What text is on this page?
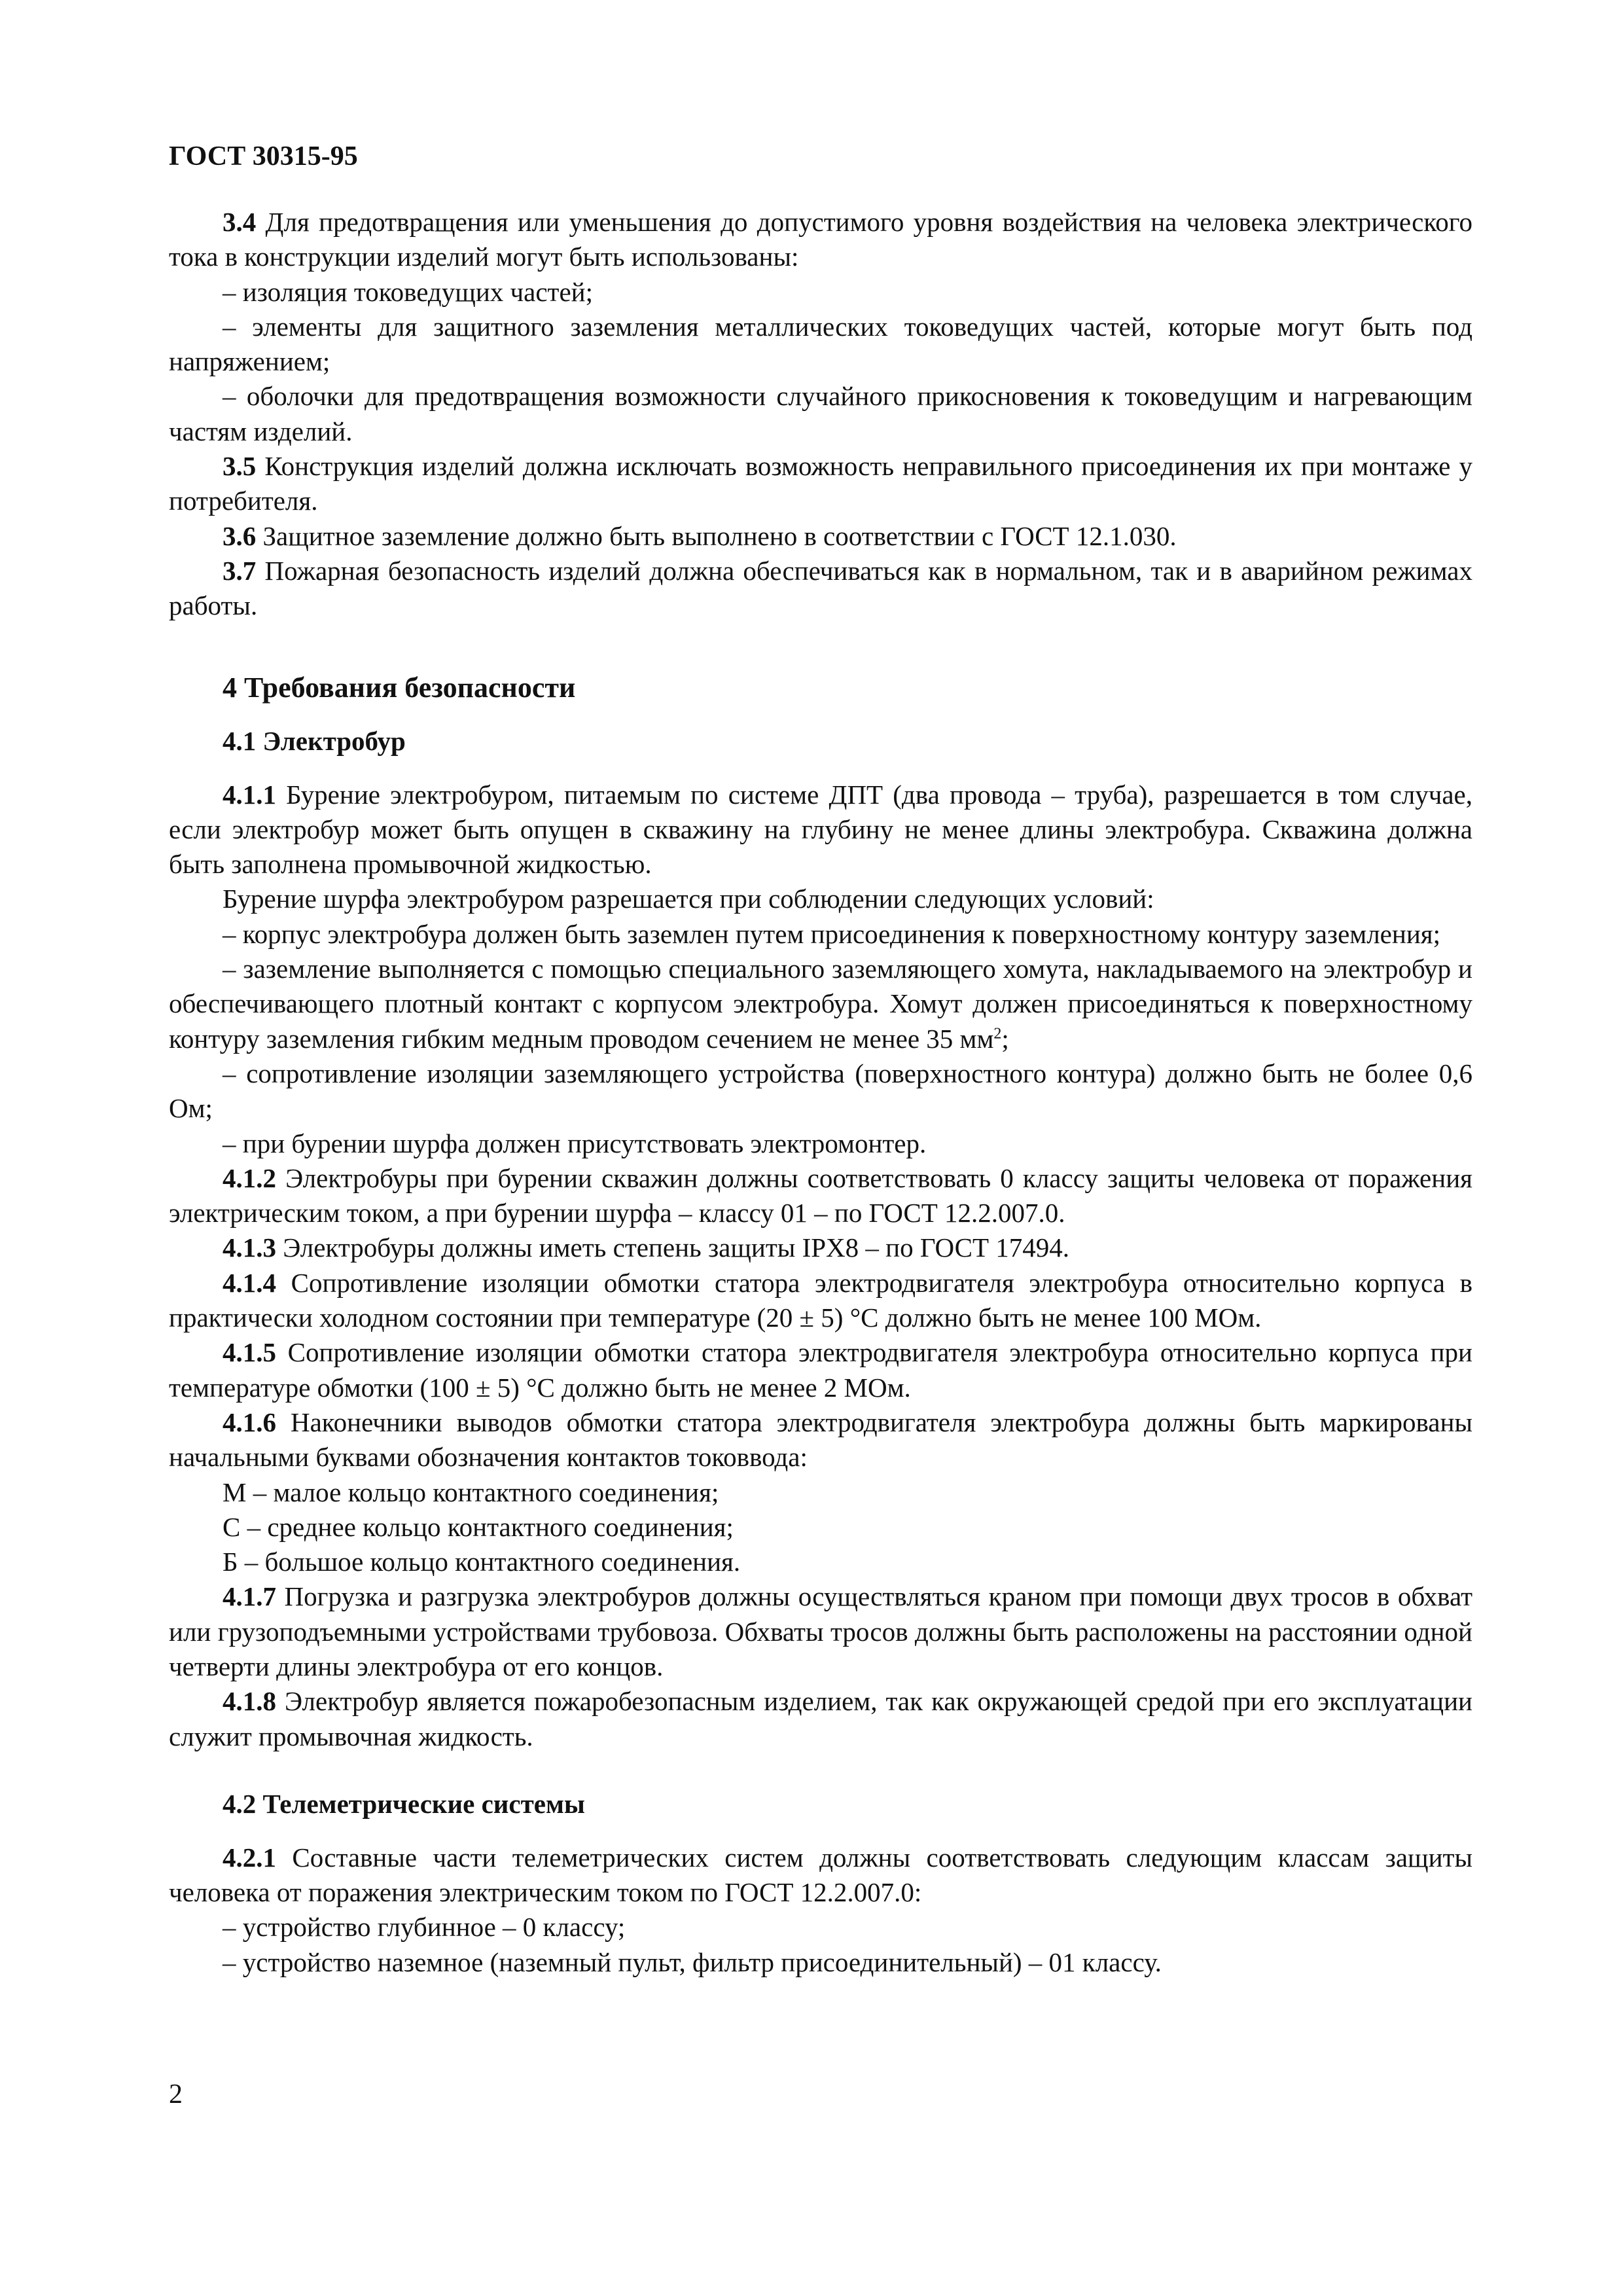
ГОСТ 30315-95

3.4 Для предотвращения или уменьшения до допустимого уровня воздействия на человека электрического тока в конструкции изделий могут быть использованы:

– изоляция токоведущих частей;

– элементы для защитного заземления металлических токоведущих частей, которые могут быть под напряжением;

– оболочки для предотвращения возможности случайного прикосновения к токоведущим и нагревающим частям изделий.

3.5 Конструкция изделий должна исключать возможность неправильного присоединения их при монтаже у потребителя.

3.6 Защитное заземление должно быть выполнено в соответствии с ГОСТ 12.1.030.

3.7 Пожарная безопасность изделий должна обеспечиваться как в нормальном, так и в аварийном режимах работы.

4 Требования безопасности
4.1 Электробур

4.1.1 Бурение электробуром, питаемым по системе ДПТ (два провода – труба), разрешается в том случае, если электробур может быть опущен в скважину на глубину не менее длины электробура. Скважина должна быть заполнена промывочной жидкостью.

Бурение шурфа электробуром разрешается при соблюдении следующих условий:

– корпус электробура должен быть заземлен путем присоединения к поверхностному контуру заземления;

– заземление выполняется с помощью специального заземляющего хомута, накладываемого на электробур и обеспечивающего плотный контакт с корпусом электробура. Хомут должен присоединяться к поверхностному контуру заземления гибким медным проводом сечением не менее 35 $мм^2$;

– сопротивление изоляции заземляющего устройства (поверхностного контура) должно быть не более 0,6 Ом;

– при бурении шурфа должен присутствовать электромонтер.

4.1.2 Электробуры при бурении скважин должны соответствовать 0 классу защиты человека от поражения электрическим током, а при бурении шурфа – классу 01 – по ГОСТ 12.2.007.0.

4.1.3 Электробуры должны иметь степень защиты IPX8 – по ГОСТ 17494.

4.1.4 Сопротивление изоляции обмотки статора электродвигателя электробура относительно корпуса в практически холодном состоянии при температуре (20 ± 5) °С должно быть не менее 100 МОм.

4.1.5 Сопротивление изоляции обмотки статора электродвигателя электробура относительно корпуса при температуре обмотки (100 ± 5) °С должно быть не менее 2 МОм.

4.1.6 Наконечники выводов обмотки статора электродвигателя электробура должны быть маркированы начальными буквами обозначения контактов токоввода:

М – малое кольцо контактного соединения;

С – среднее кольцо контактного соединения;

Б – большое кольцо контактного соединения.

4.1.7 Погрузка и разгрузка электробуров должны осуществляться краном при помощи двух тросов в обхват или грузоподъемными устройствами трубовоза. Обхваты тросов должны быть расположены на расстоянии одной четверти длины электробура от его концов.

4.1.8 Электробур является пожаробезопасным изделием, так как окружающей средой при его эксплуатации служит промывочная жидкость.

4.2 Телеметрические системы

4.2.1 Составные части телеметрических систем должны соответствовать следующим классам защиты человека от поражения электрическим током по ГОСТ 12.2.007.0:

– устройство глубинное – 0 классу;

– устройство наземное (наземный пульт, фильтр присоединительный) – 01 классу.

2
